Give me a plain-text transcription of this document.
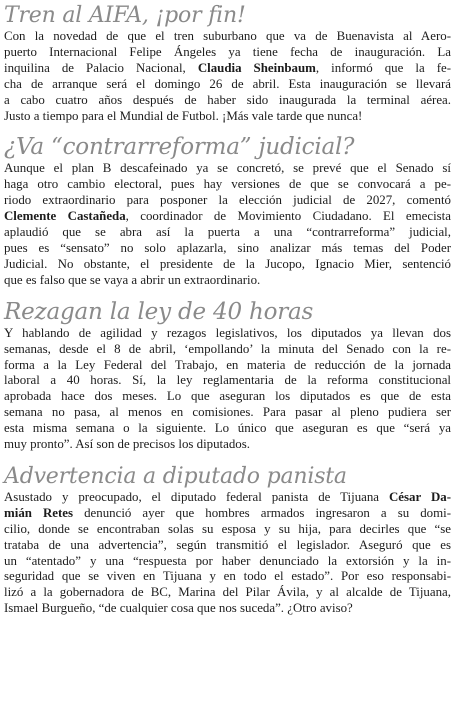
Tren al AIFA, ¡por fin!

Con la novedad de que el tren suburbano que va de Buenavista al Aero-
puerto Internacional Felipe Ángeles ya tiene fecha de inauguración. La
inquilina de Palacio Nacional, Claudia Sheinbaum, informó que la fe-
cha de arranque será el domingo 26 de abril. Esta inauguración se llevará
a cabo cuatro años después de haber sido inaugurada la terminal aérea.
Justo a tiempo para el Mundial de Futbol. ¡Más vale tarde que nunca!

¿Va “contrarreforma” judicial?

Aunque el plan B descafeinado ya se concretó, se prevé que el Senado sí
haga otro cambio electoral, pues hay versiones de que se convocará a pe-
riodo extraordinario para posponer la elección judicial de 2027, comentó
Clemente Castañeda, coordinador de Movimiento Ciudadano. El emecista
aplaudió que se abra así la puerta a una “contrarreforma” judicial,
pues es “sensato” no solo aplazarla, sino analizar más temas del Poder
Judicial. No obstante, el presidente de la Jucopo, Ignacio Mier, sentenció
que es falso que se vaya a abrir un extraordinario.

Rezagan la ley de 40 horas

Y hablando de agilidad y rezagos legislativos, los diputados ya llevan dos
semanas, desde el 8 de abril, ‘empollando’ la minuta del Senado con la re-
forma a la Ley Federal del Trabajo, en materia de reducción de la jornada
laboral a 40 horas. Sí, la ley reglamentaria de la reforma constitucional
aprobada hace dos meses. Lo que aseguran los diputados es que de esta
semana no pasa, al menos en comisiones. Para pasar al pleno pudiera ser
esta misma semana o la siguiente. Lo único que aseguran es que “será ya
muy pronto”. Así son de precisos los diputados.

Advertencia a diputado panista

Asustado y preocupado, el diputado federal panista de Tijuana César Da-
mián Retes denunció ayer que hombres armados ingresaron a su domi-
cilio, donde se encontraban solas su esposa y su hija, para decirles que “se
trataba de una advertencia”, según transmitió el legislador. Aseguró que es
un “atentado” y una “respuesta por haber denunciado la extorsión y la in-
seguridad que se viven en Tijuana y en todo el estado”. Por eso responsabi-
lizó a la gobernadora de BC, Marina del Pilar Ávila, y al alcalde de Tijuana,
Ismael Burgueño, “de cualquier cosa que nos suceda”. ¿Otro aviso?
